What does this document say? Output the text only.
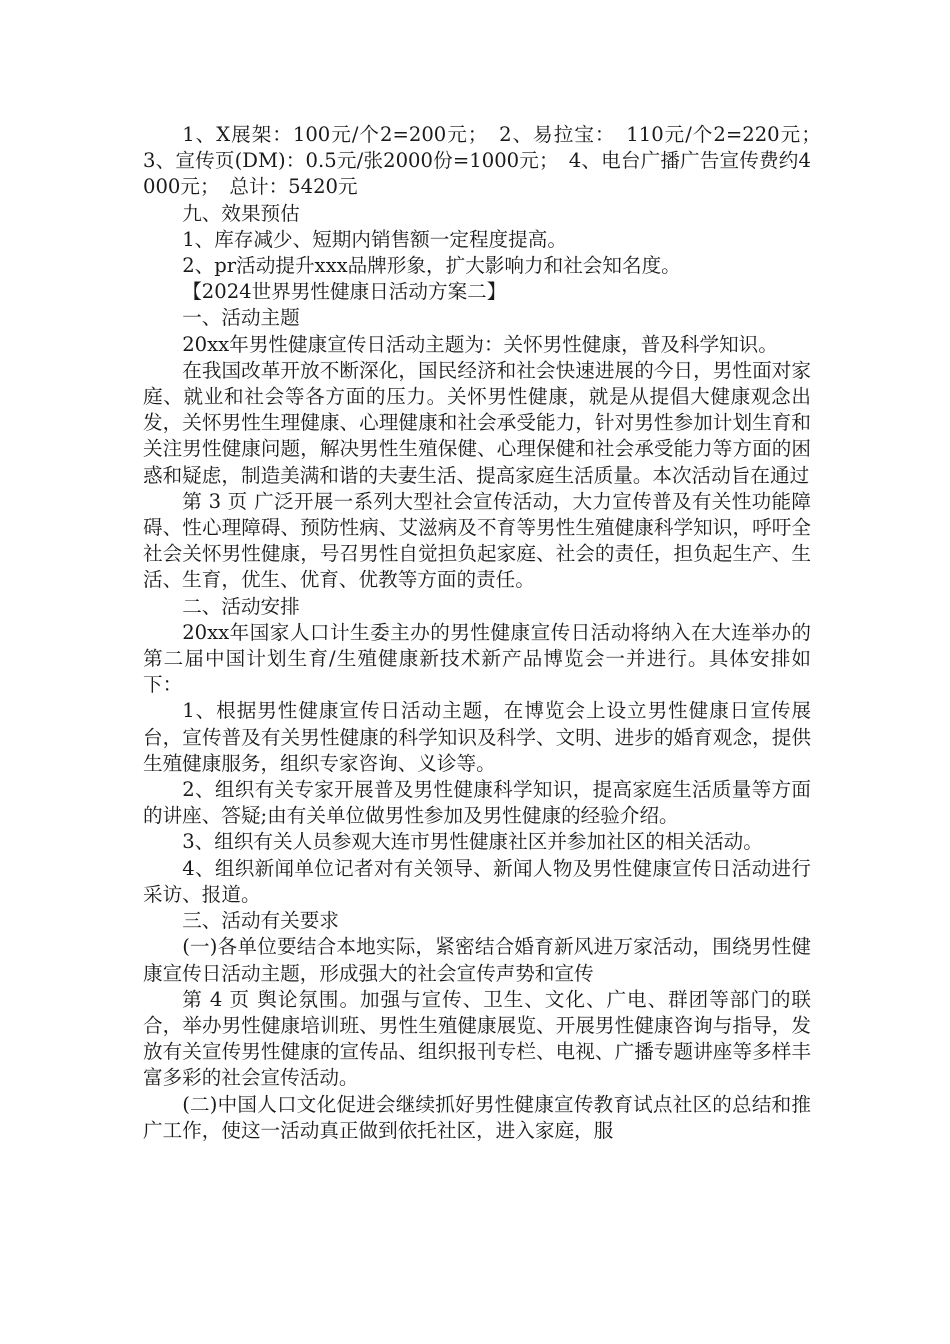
1、X展架：100元/个2=200元；　2、易拉宝：　110元/个2=220元；　3、宣传页(DM)：0.5元/张2000份=1000元；　4、电台广播广告宣传费约4000元；　总计：5420元

九、效果预估

1、库存减少、短期内销售额一定程度提高。

2、pr活动提升xxx品牌形象，扩大影响力和社会知名度。

【2024世界男性健康日活动方案二】

一、活动主题

20xx年男性健康宣传日活动主题为：关怀男性健康，普及科学知识。

在我国改革开放不断深化，国民经济和社会快速进展的今日，男性面对家庭、就业和社会等各方面的压力。关怀男性健康，就是从提倡大健康观念出发，关怀男性生理健康、心理健康和社会承受能力，针对男性参加计划生育和关注男性健康问题，解决男性生殖保健、心理保健和社会承受能力等方面的困惑和疑虑，制造美满和谐的夫妻生活、提高家庭生活质量。本次活动旨在通过

第 3 页 广泛开展一系列大型社会宣传活动，大力宣传普及有关性功能障碍、性心理障碍、预防性病、艾滋病及不育等男性生殖健康科学知识，呼吁全社会关怀男性健康，号召男性自觉担负起家庭、社会的责任，担负起生产、生活、生育，优生、优育、优教等方面的责任。

二、活动安排

20xx年国家人口计生委主办的男性健康宣传日活动将纳入在大连举办的第二届中国计划生育/生殖健康新技术新产品博览会一并进行。具体安排如下：

1、根据男性健康宣传日活动主题，在博览会上设立男性健康日宣传展台，宣传普及有关男性健康的科学知识及科学、文明、进步的婚育观念，提供生殖健康服务，组织专家咨询、义诊等。

2、组织有关专家开展普及男性健康科学知识，提高家庭生活质量等方面的讲座、答疑;由有关单位做男性参加及男性健康的经验介绍。

3、组织有关人员参观大连市男性健康社区并参加社区的相关活动。

4、组织新闻单位记者对有关领导、新闻人物及男性健康宣传日活动进行采访、报道。

三、活动有关要求

(一)各单位要结合本地实际，紧密结合婚育新风进万家活动，围绕男性健康宣传日活动主题，形成强大的社会宣传声势和宣传

第 4 页 舆论氛围。加强与宣传、卫生、文化、广电、群团等部门的联合，举办男性健康培训班、男性生殖健康展览、开展男性健康咨询与指导，发放有关宣传男性健康的宣传品、组织报刊专栏、电视、广播专题讲座等多样丰富多彩的社会宣传活动。

(二)中国人口文化促进会继续抓好男性健康宣传教育试点社区的总结和推广工作，使这一活动真正做到依托社区，进入家庭，服
